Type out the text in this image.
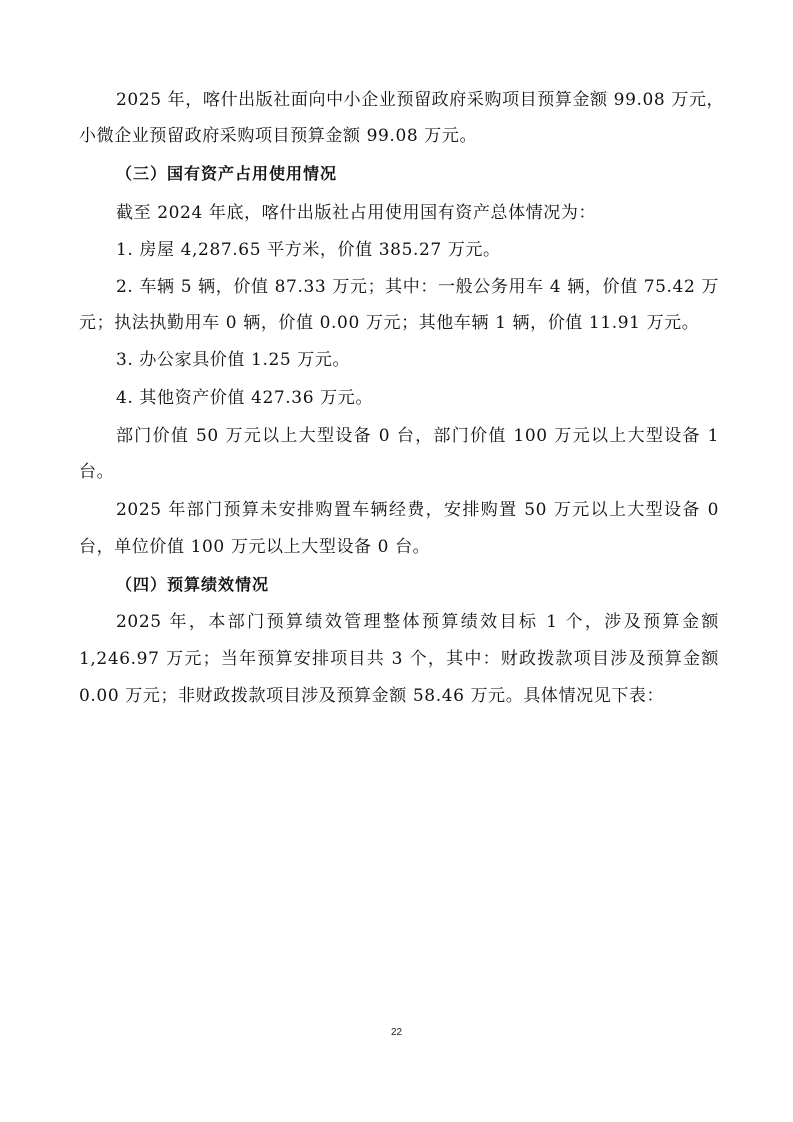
2025 年，喀什出版社面向中小企业预留政府采购项目预算金额 99.08 万元，
小微企业预留政府采购项目预算金额 99.08 万元。
（三）国有资产占用使用情况
截至 2024 年底，喀什出版社占用使用国有资产总体情况为：
1. 房屋 4,287.65 平方米，价值 385.27 万元。
2. 车辆 5 辆，价值 87.33 万元；其中：一般公务用车 4 辆，价值 75.42 万
元；执法执勤用车 0 辆，价值 0.00 万元；其他车辆 1 辆，价值 11.91 万元。
3. 办公家具价值 1.25 万元。
4. 其他资产价值 427.36 万元。
部门价值 50 万元以上大型设备 0 台，部门价值 100 万元以上大型设备 1
台。
2025 年部门预算未安排购置车辆经费，安排购置 50 万元以上大型设备 0
台，单位价值 100 万元以上大型设备 0 台。
（四）预算绩效情况
2025 年，本部门预算绩效管理整体预算绩效目标 1 个，涉及预算金额
1,246.97 万元；当年预算安排项目共 3 个，其中：财政拨款项目涉及预算金额
0.00 万元；非财政拨款项目涉及预算金额 58.46 万元。具体情况见下表：
22
